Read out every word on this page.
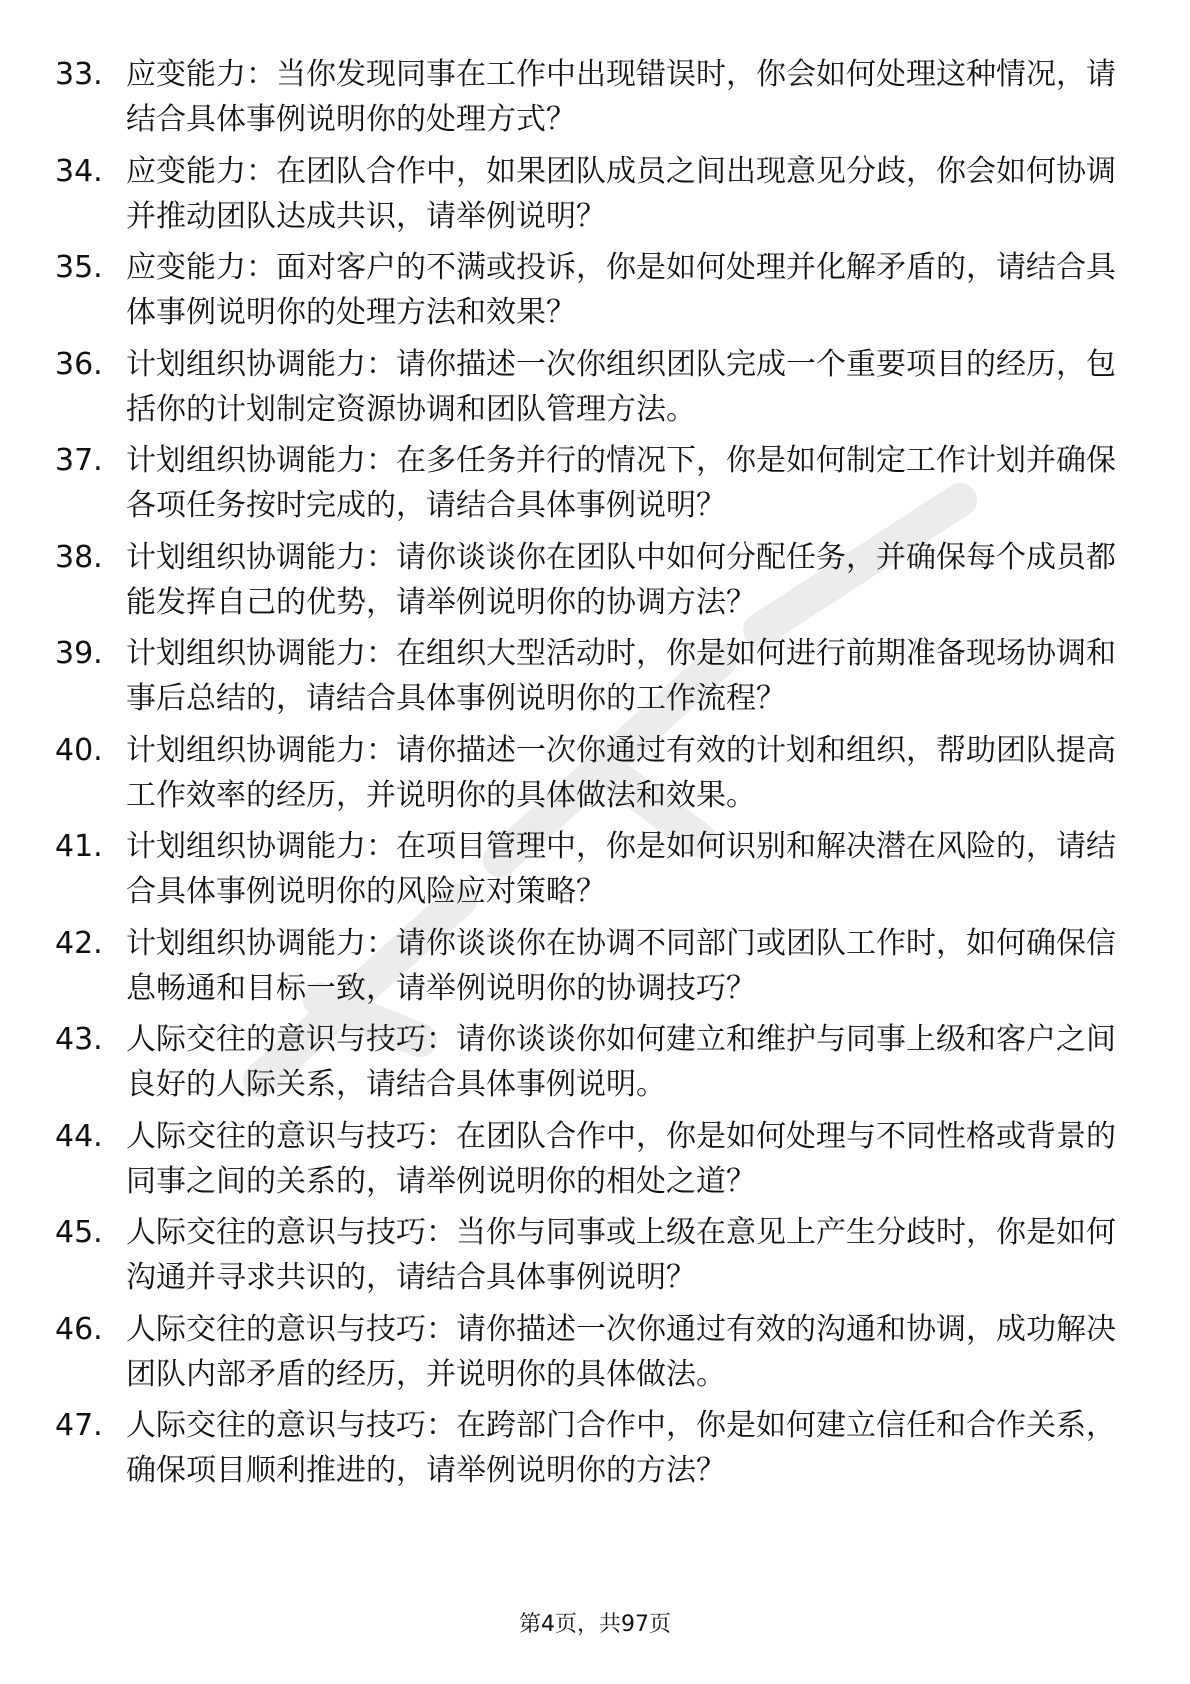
33. 应变能力：当你发现同事在工作中出现错误时，你会如何处理这种情况，请结合具体事例说明你的处理方式？
34. 应变能力：在团队合作中，如果团队成员之间出现意见分歧，你会如何协调并推动团队达成共识，请举例说明？
35. 应变能力：面对客户的不满或投诉，你是如何处理并化解矛盾的，请结合具体事例说明你的处理方法和效果？
36. 计划组织协调能力：请你描述一次你组织团队完成一个重要项目的经历，包括你的计划制定资源协调和团队管理方法。
37. 计划组织协调能力：在多任务并行的情况下，你是如何制定工作计划并确保各项任务按时完成的，请结合具体事例说明？
38. 计划组织协调能力：请你谈谈你在团队中如何分配任务，并确保每个成员都能发挥自己的优势，请举例说明你的协调方法？
39. 计划组织协调能力：在组织大型活动时，你是如何进行前期准备现场协调和事后总结的，请结合具体事例说明你的工作流程？
40. 计划组织协调能力：请你描述一次你通过有效的计划和组织，帮助团队提高工作效率的经历，并说明你的具体做法和效果。
41. 计划组织协调能力：在项目管理中，你是如何识别和解决潜在风险的，请结合具体事例说明你的风险应对策略？
42. 计划组织协调能力：请你谈谈你在协调不同部门或团队工作时，如何确保信息畅通和目标一致，请举例说明你的协调技巧？
43. 人际交往的意识与技巧：请你谈谈你如何建立和维护与同事上级和客户之间良好的人际关系，请结合具体事例说明。
44. 人际交往的意识与技巧：在团队合作中，你是如何处理与不同性格或背景的同事之间的关系的，请举例说明你的相处之道？
45. 人际交往的意识与技巧：当你与同事或上级在意见上产生分歧时，你是如何沟通并寻求共识的，请结合具体事例说明？
46. 人际交往的意识与技巧：请你描述一次你通过有效的沟通和协调，成功解决团队内部矛盾的经历，并说明你的具体做法。
47. 人际交往的意识与技巧：在跨部门合作中，你是如何建立信任和合作关系，确保项目顺利推进的，请举例说明你的方法？
第4页，共97页
